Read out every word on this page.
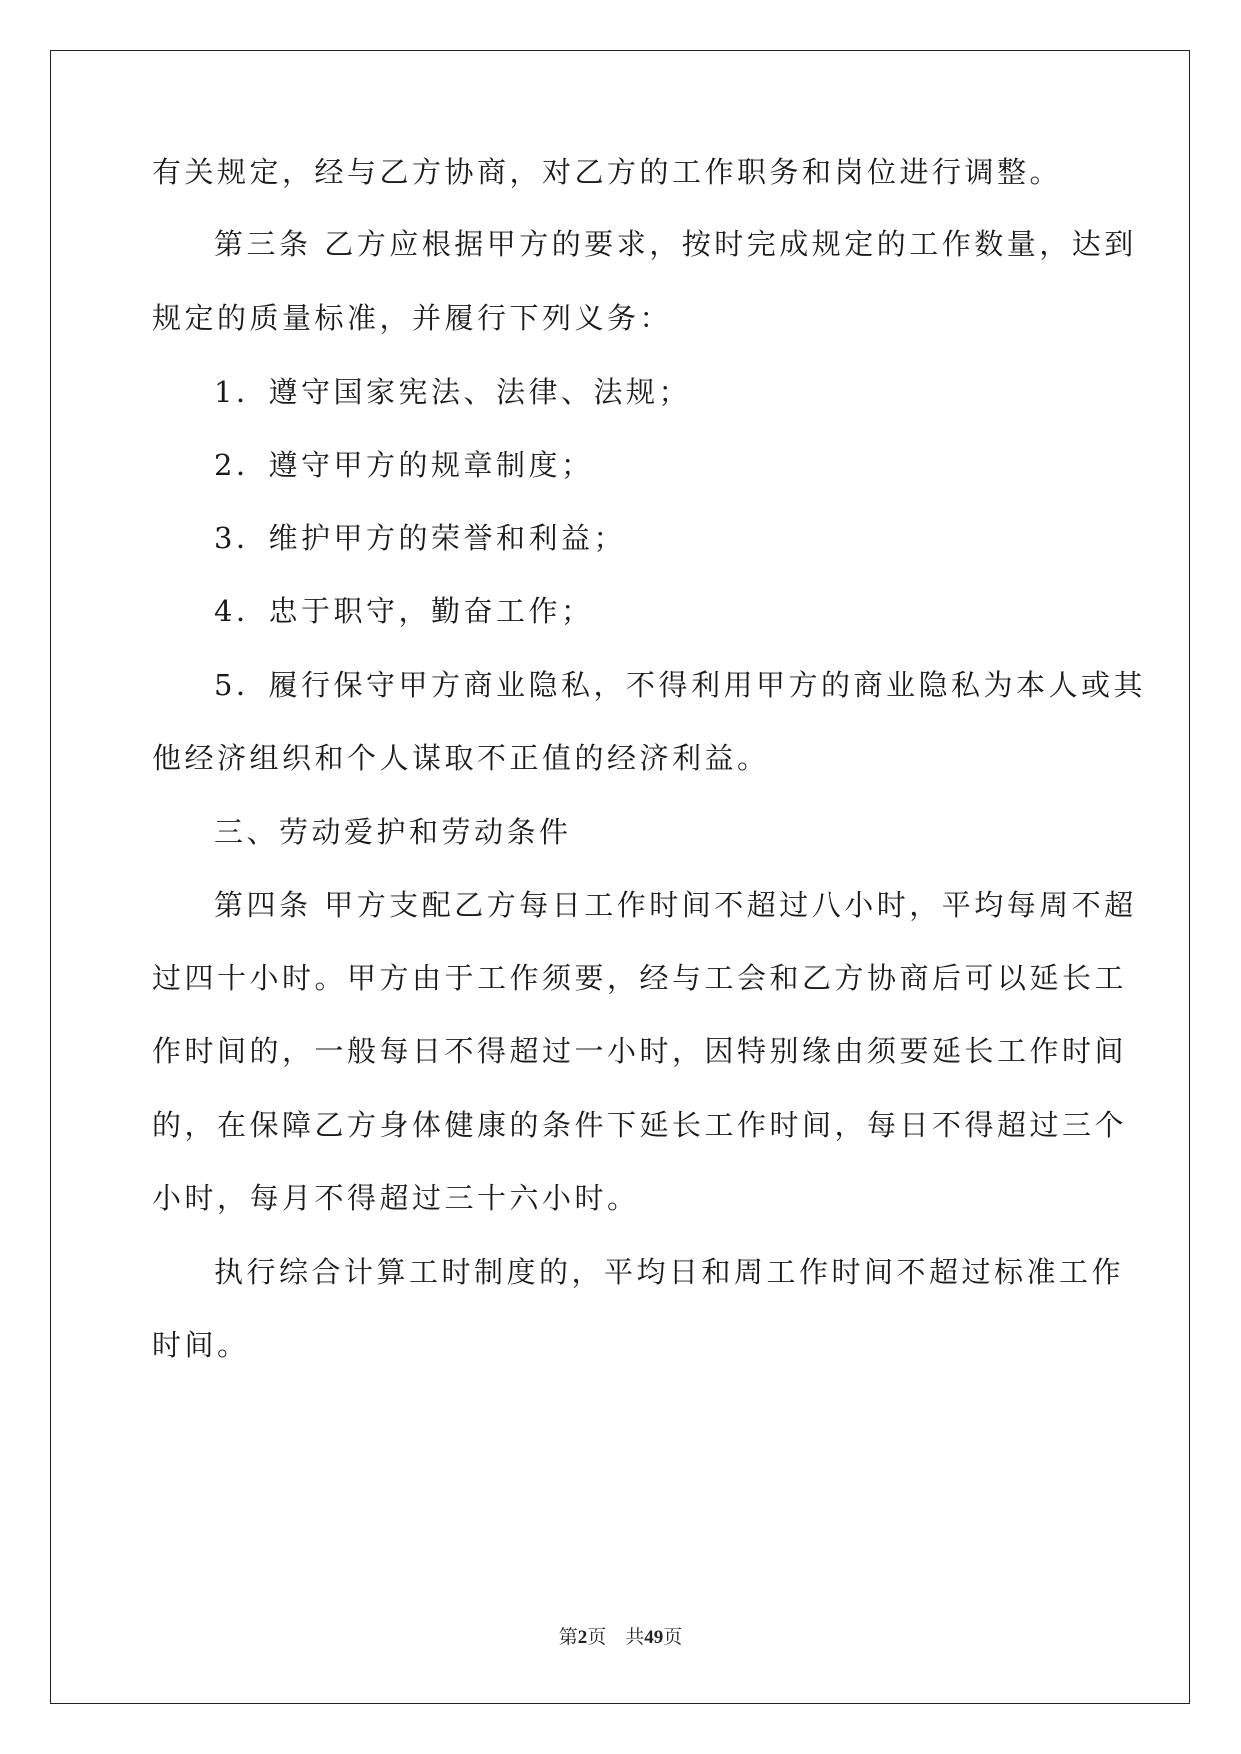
有关规定，经与乙方协商，对乙方的工作职务和岗位进行调整。
第三条 乙方应根据甲方的要求，按时完成规定的工作数量，达到
规定的质量标准，并履行下列义务：
1．遵守国家宪法、法律、法规；
2．遵守甲方的规章制度；
3．维护甲方的荣誉和利益；
4．忠于职守，勤奋工作；
5．履行保守甲方商业隐私，不得利用甲方的商业隐私为本人或其
他经济组织和个人谋取不正值的经济利益。
三、劳动爱护和劳动条件
第四条 甲方支配乙方每日工作时间不超过八小时，平均每周不超
过四十小时。甲方由于工作须要，经与工会和乙方协商后可以延长工
作时间的，一般每日不得超过一小时，因特别缘由须要延长工作时间
的，在保障乙方身体健康的条件下延长工作时间，每日不得超过三个
小时，每月不得超过三十六小时。
执行综合计算工时制度的，平均日和周工作时间不超过标准工作
时间。
第2页 共49页
